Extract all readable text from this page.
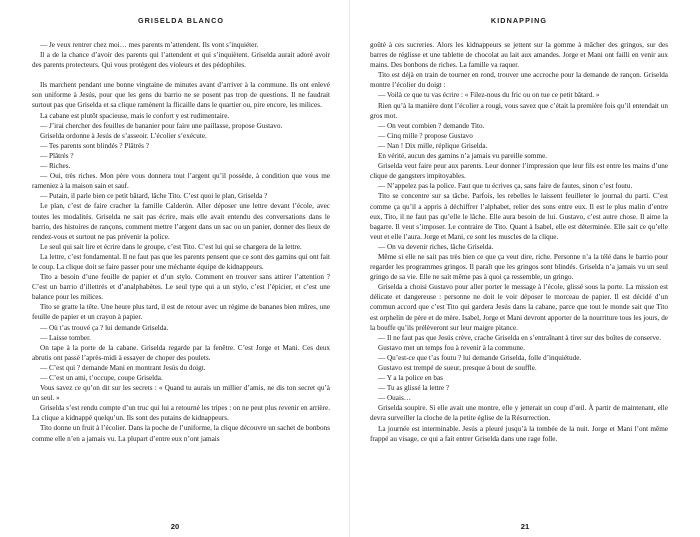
GRISELDA BLANCO

— Je veux rentrer chez moi… mes parents m’attendent. Ils vont s’inquiéter.

Il a de la chance d’avoir des parents qui l’attendent et qui s’inquiètent. Griselda aurait adoré avoir des parents protecteurs. Qui vous protègent des violeurs et des pédophiles.

Ils marchent pendant une bonne vingtaine de minutes avant d’arriver à la commune. Ils ont enlevé son uniforme à Jesús, pour que les gens du barrio ne se posent pas trop de questions. Il ne faudrait surtout pas que Griselda et sa clique ramènent la flicaille dans le quartier ou, pire encore, les milices.

La cabane est plutôt spacieuse, mais le confort y est rudimentaire.

— J’irai chercher des feuilles de bananier pour faire une paillasse, propose Gustavo.

Griselda ordonne à Jesús de s’asseoir. L’écolier s’exécute.

— Tes parents sont blindés ? Plâtrés ?

— Plâtrés ?

— Riches.

— Oui, très riches. Mon père vous donnera tout l’argent qu’il possède, à condition que vous me rameniez à la maison sain et sauf.

— Putain, il parle bien ce petit bâtard, lâche Tito. C’est quoi le plan, Griselda ?

Le plan, c’est de faire cracher la famille Calderón. Aller déposer une lettre devant l’école, avec toutes les modalités. Griselda ne sait pas écrire, mais elle avait entendu des conversations dans le barrio, des histoires de rançons, comment mettre l’argent dans un sac ou un panier, donner des lieux de rendez-vous et surtout ne pas prévenir la police.

Le seul qui sait lire et écrire dans le groupe, c’est Tito. C’est lui qui se chargera de la lettre.

La lettre, c’est fondamental. Il ne faut pas que les parents pensent que ce sont des gamins qui ont fait le coup. La clique doit se faire passer pour une méchante équipe de kidnappeurs.

Tito a besoin d’une feuille de papier et d’un stylo. Comment en trouver sans attirer l’attention ? C’est un barrio d’illettrés et d’analphabètes. Le seul type qui a un stylo, c’est l’épicier, et c’est une balance pour les milices.

Tito se gratte la tête. Une heure plus tard, il est de retour avec un régime de bananes bien mûres, une feuille de papier et un crayon à papier.

— Où t’as trouvé ça ? lui demande Griselda.

— Laisse tomber.

On tape à la porte de la cabane. Griselda regarde par la fenêtre. C’est Jorge et Mani. Ces deux abrutis ont passé l’après-midi à essayer de choper des poulets.

— C’est qui ? demande Mani en montrant Jesús du doigt.

— C’est un ami, t’occupe, coupe Griselda.

Vous savez ce qu’on dit sur les secrets : « Quand tu aurais un millier d’amis, ne dis ton secret qu’à un seul. »

Griselda s’est rendu compte d’un truc qui lui a retourné les tripes : on ne peut plus revenir en arrière. La clique a kidnappé quelqu’un. Ils sont des putains de kidnappeurs.

Tito donne un fruit à l’écolier. Dans la poche de l’uniforme, la clique découvre un sachet de bonbons comme elle n’en a jamais vu. La plupart d’entre eux n’ont jamais

20
KIDNAPPING

goûté à ces sucreries. Alors les kidnappeurs se jettent sur la gomme à mâcher des gringos, sur des barres de réglisse et une tablette de chocolat au lait aux amandes. Jorge et Mani ont failli en venir aux mains. Des bonbons de riches. La famille va raquer.

Tito est déjà en train de tourner en rond, trouver une accroche pour la demande de rançon. Griselda montre l’écolier du doigt :

— Voilà ce que tu vas écrire : « Filez-nous du fric ou on tue ce petit bâtard. »

Rien qu’à la manière dont l’écolier a rougi, vous savez que c’était la première fois qu’il entendait un gros mot.

— On veut combien ? demande Tito.

— Cinq mille ? propose Gustavo

— Nan ! Dix mille, réplique Griselda.

En vérité, aucun des gamins n’a jamais vu pareille somme.

Griselda veut faire peur aux parents. Leur donner l’impression que leur fils est entre les mains d’une clique de gangsters impitoyables.

— N’appelez pas la police. Faut que tu écrives ça, sans faire de fautes, sinon c’est foutu.

Tito se concentre sur sa tâche. Parfois, les rebelles le laissent feuilleter le journal du parti. C’est comme ça qu’il a appris à déchiffrer l’alphabet, relier des sons entre eux. Il est le plus malin d’entre eux, Tito, il ne faut pas qu’elle le lâche. Elle aura besoin de lui. Gustavo, c’est autre chose. Il aime la bagarre. Il veut s’imposer. Le contraire de Tito. Quant à Isabel, elle est déterminée. Elle sait ce qu’elle veut et elle l’aura. Jorge et Mani, ce sont les muscles de la clique.

— On va devenir riches, lâche Griselda.

Même si elle ne sait pas très bien ce que ça veut dire, riche. Personne n’a la télé dans le barrio pour regarder les programmes gringos. Il paraît que les gringos sont blindés. Griselda n’a jamais vu un seul gringo de sa vie. Elle ne sait même pas à quoi ça ressemble, un gringo.

Griselda a choisi Gustavo pour aller porter le message à l’école, glissé sous la porte. La mission est délicate et dangereuse : personne ne doit le voir déposer le morceau de papier. Il est décidé d’un commun accord que c’est Tito qui gardera Jesús dans la cabane, parce que tout le monde sait que Tito est orphelin de père et de mère. Isabel, Jorge et Mani devront apporter de la nourriture tous les jours, de la bouffe qu’ils prélèveront sur leur maigre pitance.

— Il ne faut pas que Jesús crève, crache Griselda en s’entraînant à tirer sur des boîtes de conserve.

Gustavo met un temps fou à revenir à la commune.

— Qu’est-ce que t’as foutu ? lui demande Griselda, folle d’inquiétude.

Gustavo est trempé de sueur, presque à bout de souffle.

— Y a la police en bas

— Tu as glissé la lettre ?

— Ouais…

Griselda soupire. Si elle avait une montre, elle y jetterait un coup d’œil. À partir de maintenant, elle devra surveiller la cloche de la petite église de la Résurrection.

La journée est interminable. Jesús a pleuré jusqu’à la tombée de la nuit. Jorge et Mani l’ont même frappé au visage, ce qui a fait entrer Griselda dans une rage folle.

21
